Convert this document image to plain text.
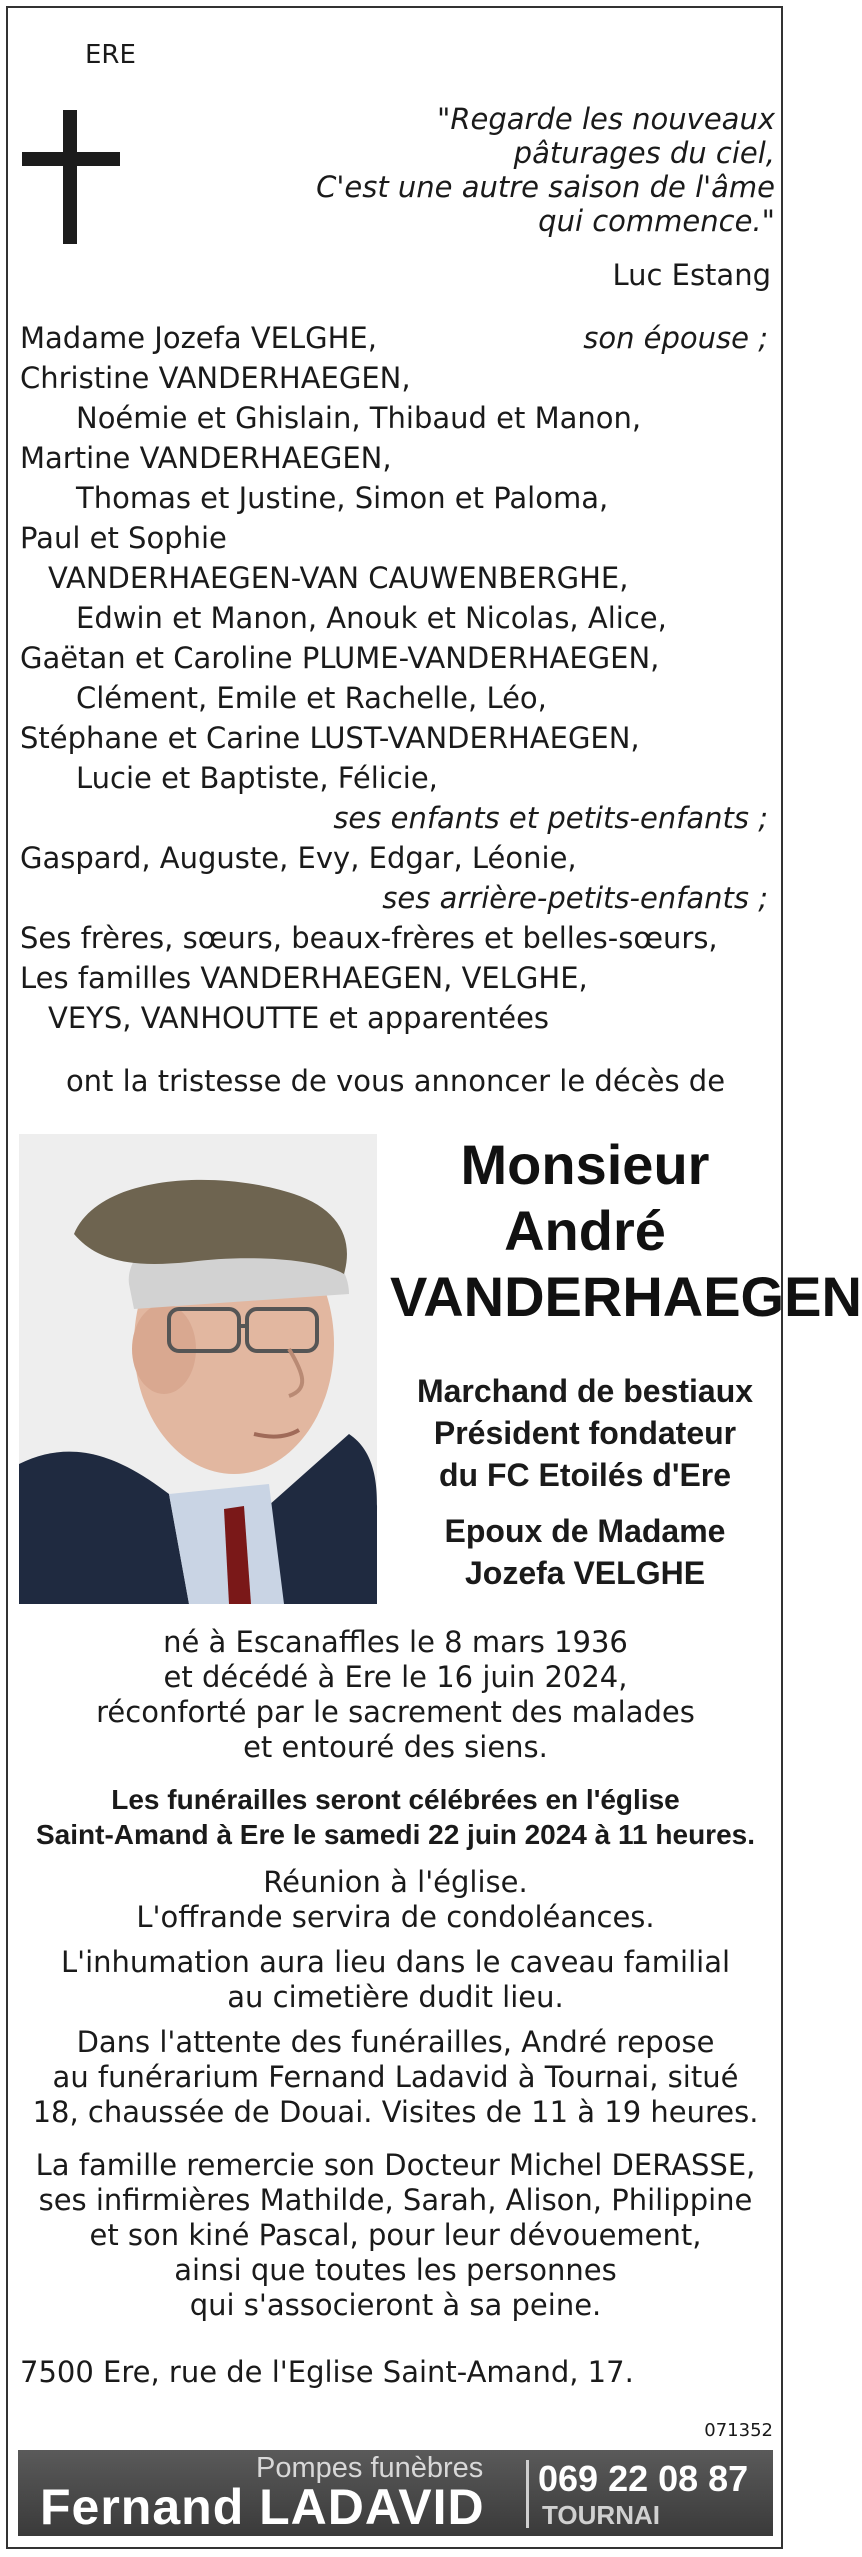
ERE
"Regarde les nouveaux
pâturages du ciel,
C'est une autre saison de l'âme
qui commence."
Luc Estang
Madame Jozefa VELGHE,	son épouse ;
Christine VANDERHAEGEN,
Noémie et Ghislain, Thibaud et Manon,
Martine VANDERHAEGEN,
Thomas et Justine, Simon et Paloma,
Paul et Sophie
VANDERHAEGEN-VAN CAUWENBERGHE,
Edwin et Manon, Anouk et Nicolas, Alice,
Gaëtan et Caroline PLUME-VANDERHAEGEN,
Clément, Emile et Rachelle, Léo,
Stéphane et Carine LUST-VANDERHAEGEN,
Lucie et Baptiste, Félicie,
ses enfants et petits-enfants ;
Gaspard, Auguste, Evy, Edgar, Léonie,
ses arrière-petits-enfants ;
Ses frères, sœurs, beaux-frères et belles-sœurs,
Les familles VANDERHAEGEN, VELGHE,
VEYS, VANHOUTTE et apparentées
ont la tristesse de vous annoncer le décès de
Monsieur
André
VANDERHAEGEN
Marchand de bestiaux
Président fondateur
du FC Etoilés d'Ere
Epoux de Madame
Jozefa VELGHE
né à Escanaffles le 8 mars 1936
et décédé à Ere le 16 juin 2024,
réconforté par le sacrement des malades
et entouré des siens.
Les funérailles seront célébrées en l'église
Saint-Amand à Ere le samedi 22 juin 2024 à 11 heures.
Réunion à l'église.
L'offrande servira de condoléances.
L'inhumation aura lieu dans le caveau familial
au cimetière dudit lieu.
Dans l'attente des funérailles, André repose
au funérarium Fernand Ladavid à Tournai, situé
18, chaussée de Douai. Visites de 11 à 19 heures.
La famille remercie son Docteur Michel DERASSE,
ses infirmières Mathilde, Sarah, Alison, Philippine
et son kiné Pascal, pour leur dévouement,
ainsi que toutes les personnes
qui s'associeront à sa peine.
7500 Ere, rue de l'Eglise Saint-Amand, 17.
071352
Pompes funèbres
Fernand LADAVID
069 22 08 87
TOURNAI
